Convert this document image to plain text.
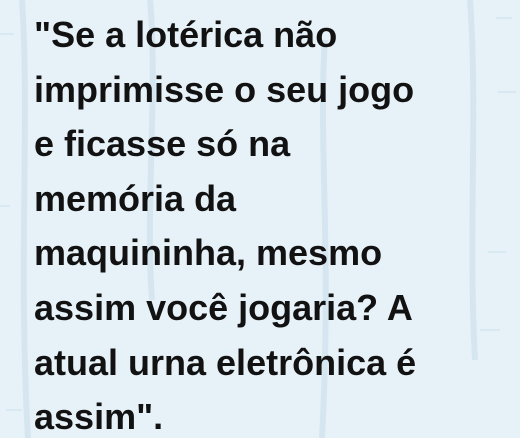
"Se a lotérica não
imprimisse o seu jogo
e ficasse só na
memória da
maquininha, mesmo
assim você jogaria? A
atual urna eletrônica é
assim".
